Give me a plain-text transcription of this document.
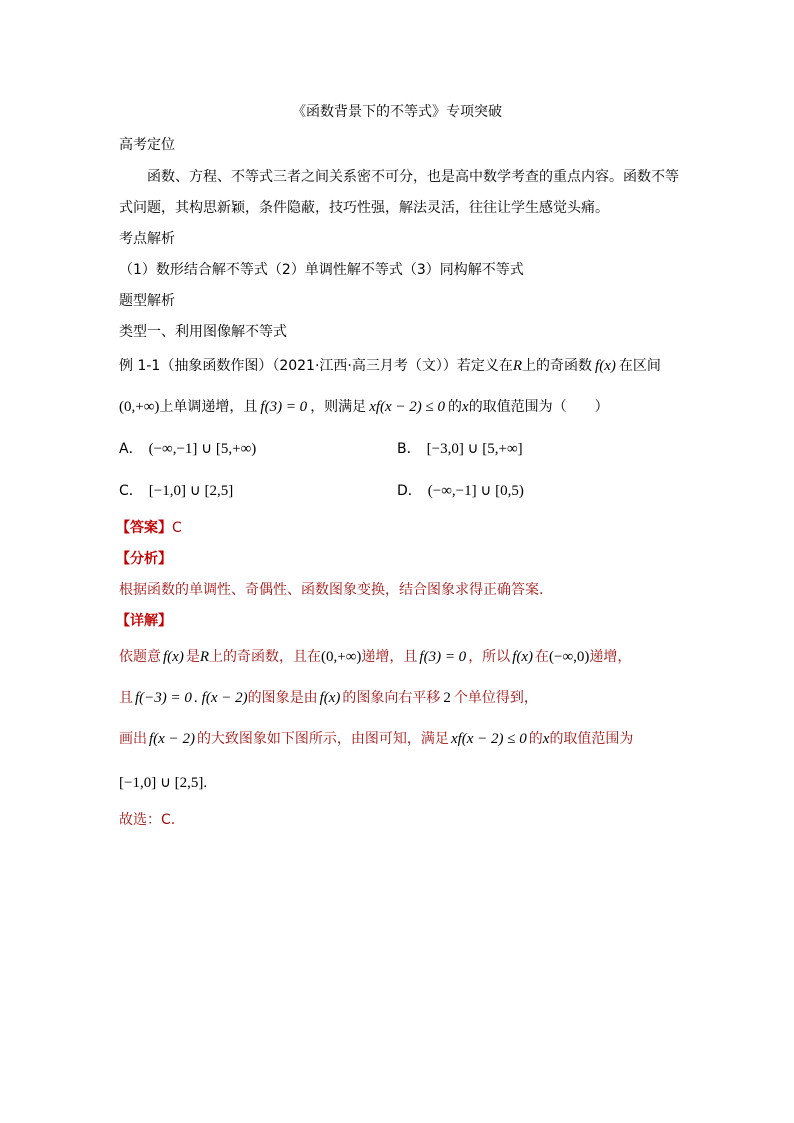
《函数背景下的不等式》专项突破
高考定位
函数、方程、不等式三者之间关系密不可分，也是高中数学考查的重点内容。函数不等
式问题，其构思新颖，条件隐蔽，技巧性强，解法灵活，往往让学生感觉头痛。
考点解析
（1）数形结合解不等式（2）单调性解不等式（3）同构解不等式
题型解析
类型一、利用图像解不等式
例 1-1（抽象函数作图）（2021·江西·高三月考（文））若定义在R上的奇函数 f(x) 在区间
(0,+∞)上单调递增，且 f(3) = 0 ，则满足 xf(x − 2) ≤ 0 的x的取值范围为（　　）
A． (−∞,−1] ∪ [5,+∞)	B． [−3,0] ∪ [5,+∞]
C． [−1,0] ∪ [2,5]	D． (−∞,−1] ∪ [0,5)
【答案】C
【分析】
根据函数的单调性、奇偶性、函数图象变换，结合图象求得正确答案.
【详解】
依题意 f(x) 是R上的奇函数，且在(0,+∞)递增，且 f(3) = 0 ，所以 f(x) 在(−∞,0)递增，
且 f(−3) = 0 . f(x − 2)的图象是由 f(x) 的图象向右平移 2 个单位得到，
画出 f(x − 2) 的大致图象如下图所示，由图可知，满足 xf(x − 2) ≤ 0 的x的取值范围为
[−1,0] ∪ [2,5].
故选：C.
